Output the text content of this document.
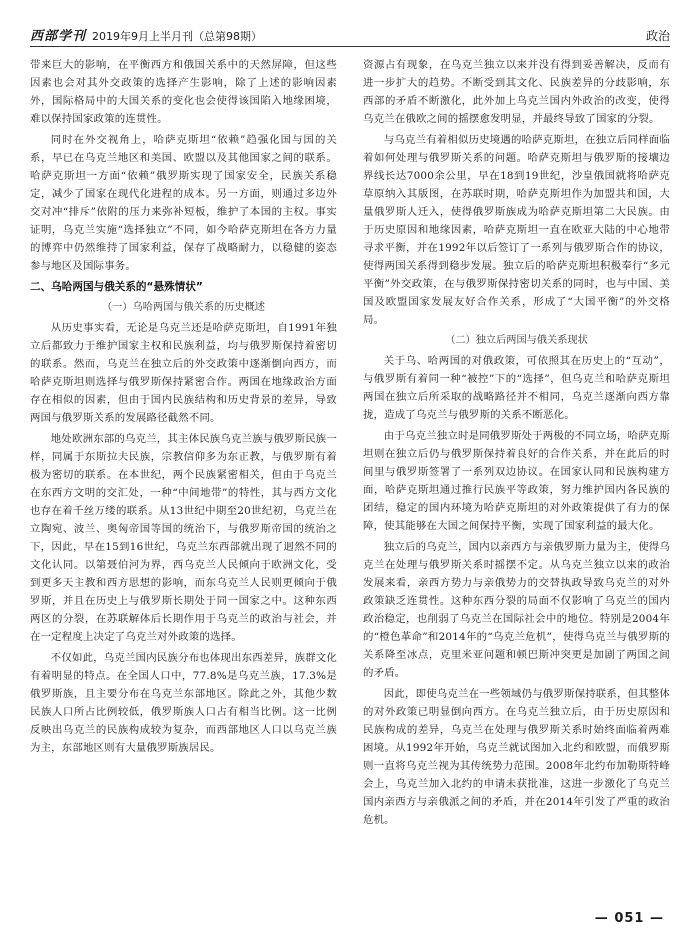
西部学刊 2019年9月上半月刊（总第98期）	政治

带来巨大的影响，在平衡西方和俄国关系中的天然屏障，但这些因素也会对其外交政策的选择产生影响，除了上述的影响因素外，国际格局中的大国关系的变化也会使得该国陷入地缘困境，难以保持国家政策的连贯性。

同时在外交视角上，哈萨克斯坦“依赖”趋强化国与国的关系，早已在乌克兰地区和美国、欧盟以及其他国家之间的联系。哈萨克斯坦一方面“依赖”俄罗斯实现了国家安全，民族关系稳定，减少了国家在现代化进程的成本。另一方面，则通过多边外交对冲“排斥”依附的压力来弥补短板，维护了本国的主权。事实证明，乌克兰实施“选择独立”不同，如今哈萨克斯坦在各方力量的博弈中仍然维持了国家利益，保存了战略耐力，以稳健的姿态参与地区及国际事务。

二、乌哈两国与俄关系的“悬殊情状”
（一）乌哈两国与俄关系的历史概述

从历史事实看，无论是乌克兰还是哈萨克斯坦，自1991年独立后都致力于维护国家主权和民族利益，均与俄罗斯保持着密切的联系。然而，乌克兰在独立后的外交政策中逐渐倒向西方，而哈萨克斯坦则选择与俄罗斯保持紧密合作。两国在地缘政治方面存在相似的因素，但由于国内民族结构和历史背景的差异，导致两国与俄罗斯关系的发展路径截然不同。

地处欧洲东部的乌克兰，其主体民族乌克兰族与俄罗斯民族一样，同属于东斯拉夫民族，宗教信仰多为东正教，与俄罗斯有着极为密切的联系。在本世纪，两个民族紧密相关，但由于乌克兰在东西方文明的交汇处，一种“中间地带”的特性，其与西方文化也存在着千丝万缕的联系。从13世纪中期至20世纪初，乌克兰在立陶宛、波兰、奥匈帝国等国的统治下，与俄罗斯帝国的统治之下，因此，早在15到16世纪，乌克兰东西部就出现了迥然不同的文化认同。以第聂伯河为界，西乌克兰人民倾向于欧洲文化，受到更多天主教和西方思想的影响，而东乌克兰人民则更倾向于俄罗斯，并且在历史上与俄罗斯长期处于同一国家之中。这种东西两区的分裂，在苏联解体后长期作用于乌克兰的政治与社会，并在一定程度上决定了乌克兰对外政策的选择。

不仅如此，乌克兰国内民族分布也体现出东西差异，族群文化有着明显的特点。在全国人口中，77.8%是乌克兰族，17.3%是俄罗斯族，且主要分布在乌克兰东部地区。除此之外，其他少数民族人口所占比例较低，俄罗斯族人口占有相当比例。这一比例反映出乌克兰的民族构成较为复杂，而西部地区人口以乌克兰族为主，东部地区则有大量俄罗斯族居民。

资源占有现象，在乌克兰独立以来并没有得到妥善解决，反而有进一步扩大的趋势。不断受到其文化、民族差异的分歧影响，东西部的矛盾不断激化，此外加上乌克兰国内外政治的改变，使得乌克兰在俄欧之间的摇摆愈发明显，并最终导致了国家的分裂。

与乌克兰有着相似历史境遇的哈萨克斯坦，在独立后同样面临着如何处理与俄罗斯关系的问题。哈萨克斯坦与俄罗斯的接壤边界线长达7000余公里，早在18到19世纪，沙皇俄国就将哈萨克草原纳入其版图，在苏联时期，哈萨克斯坦作为加盟共和国，大量俄罗斯人迁入，使得俄罗斯族成为哈萨克斯坦第二大民族。由于历史原因和地缘因素，哈萨克斯坦一直在欧亚大陆的中心地带寻求平衡，并在1992年以后签订了一系列与俄罗斯合作的协议，使得两国关系得到稳步发展。独立后的哈萨克斯坦积极奉行“多元平衡”外交政策，在与俄罗斯保持密切关系的同时，也与中国、美国及欧盟国家发展友好合作关系，形成了“大国平衡”的外交格局。

（二）独立后两国与俄关系现状

关于乌、哈两国的对俄政策，可依照其在历史上的“互动”，与俄罗斯有着同一种“被控”下的“选择”，但乌克兰和哈萨克斯坦两国在独立后所采取的战略路径并不相同，乌克兰逐渐向西方靠拢，造成了乌克兰与俄罗斯的关系不断恶化。

由于乌克兰独立时是同俄罗斯处于两极的不同立场，哈萨克斯坦则在独立后仍与俄罗斯保持着良好的合作关系，并在此后的时间里与俄罗斯签署了一系列双边协议。在国家认同和民族构建方面，哈萨克斯坦通过推行民族平等政策，努力维护国内各民族的团结，稳定的国内环境为哈萨克斯坦的对外政策提供了有力的保障，使其能够在大国之间保持平衡，实现了国家利益的最大化。

独立后的乌克兰，国内以亲西方与亲俄罗斯力量为主，使得乌克兰在处理与俄罗斯关系时摇摆不定。从乌克兰独立以来的政治发展来看，亲西方势力与亲俄势力的交替执政导致乌克兰的对外政策缺乏连贯性。这种东西分裂的局面不仅影响了乌克兰的国内政治稳定，也削弱了乌克兰在国际社会中的地位。特别是2004年的“橙色革命”和2014年的“乌克兰危机”，使得乌克兰与俄罗斯的关系降至冰点，克里米亚问题和顿巴斯冲突更是加剧了两国之间的矛盾。

因此，即使乌克兰在一些领域仍与俄罗斯保持联系，但其整体的对外政策已明显倒向西方。在乌克兰独立后，由于历史原因和民族构成的差异，乌克兰在处理与俄罗斯关系时始终面临着两难困境。从1992年开始，乌克兰就试图加入北约和欧盟，而俄罗斯则一直将乌克兰视为其传统势力范围。2008年北约布加勒斯特峰会上，乌克兰加入北约的申请未获批准，这进一步激化了乌克兰国内亲西方与亲俄派之间的矛盾，并在2014年引发了严重的政治危机。

— 051 —
